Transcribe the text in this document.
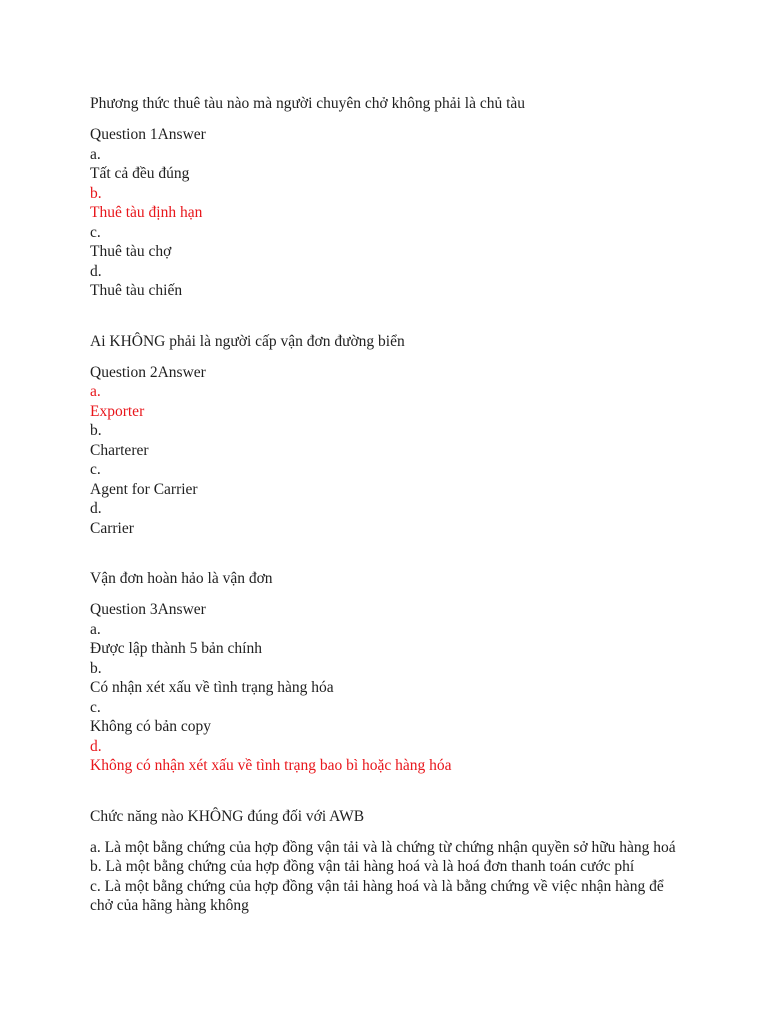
Phương thức thuê tàu nào mà người chuyên chở không phải là chủ tàu
Question 1Answer
a.
Tất cả đều đúng
b.
Thuê tàu định hạn
c.
Thuê tàu chợ
d.
Thuê tàu chiến
Ai KHÔNG phải là người cấp vận đơn đường biển
Question 2Answer
a.
Exporter
b.
Charterer
c.
Agent for Carrier
d.
Carrier
Vận đơn hoàn hảo là vận đơn
Question 3Answer
a.
Được lập thành 5 bản chính
b.
Có nhận xét xấu về tình trạng hàng hóa
c.
Không có bản copy
d.
Không có nhận xét xấu về tình trạng bao bì hoặc hàng hóa
Chức năng nào KHÔNG đúng đối với AWB
a. Là một bằng chứng của hợp đồng vận tải và là chứng từ chứng nhận quyền sở hữu hàng hoá
b. Là một bằng chứng của hợp đồng vận tải hàng hoá và là hoá đơn thanh toán cước phí
c. Là một bằng chứng của hợp đồng vận tải hàng hoá và là bằng chứng về việc nhận hàng để chở của hãng hàng không
